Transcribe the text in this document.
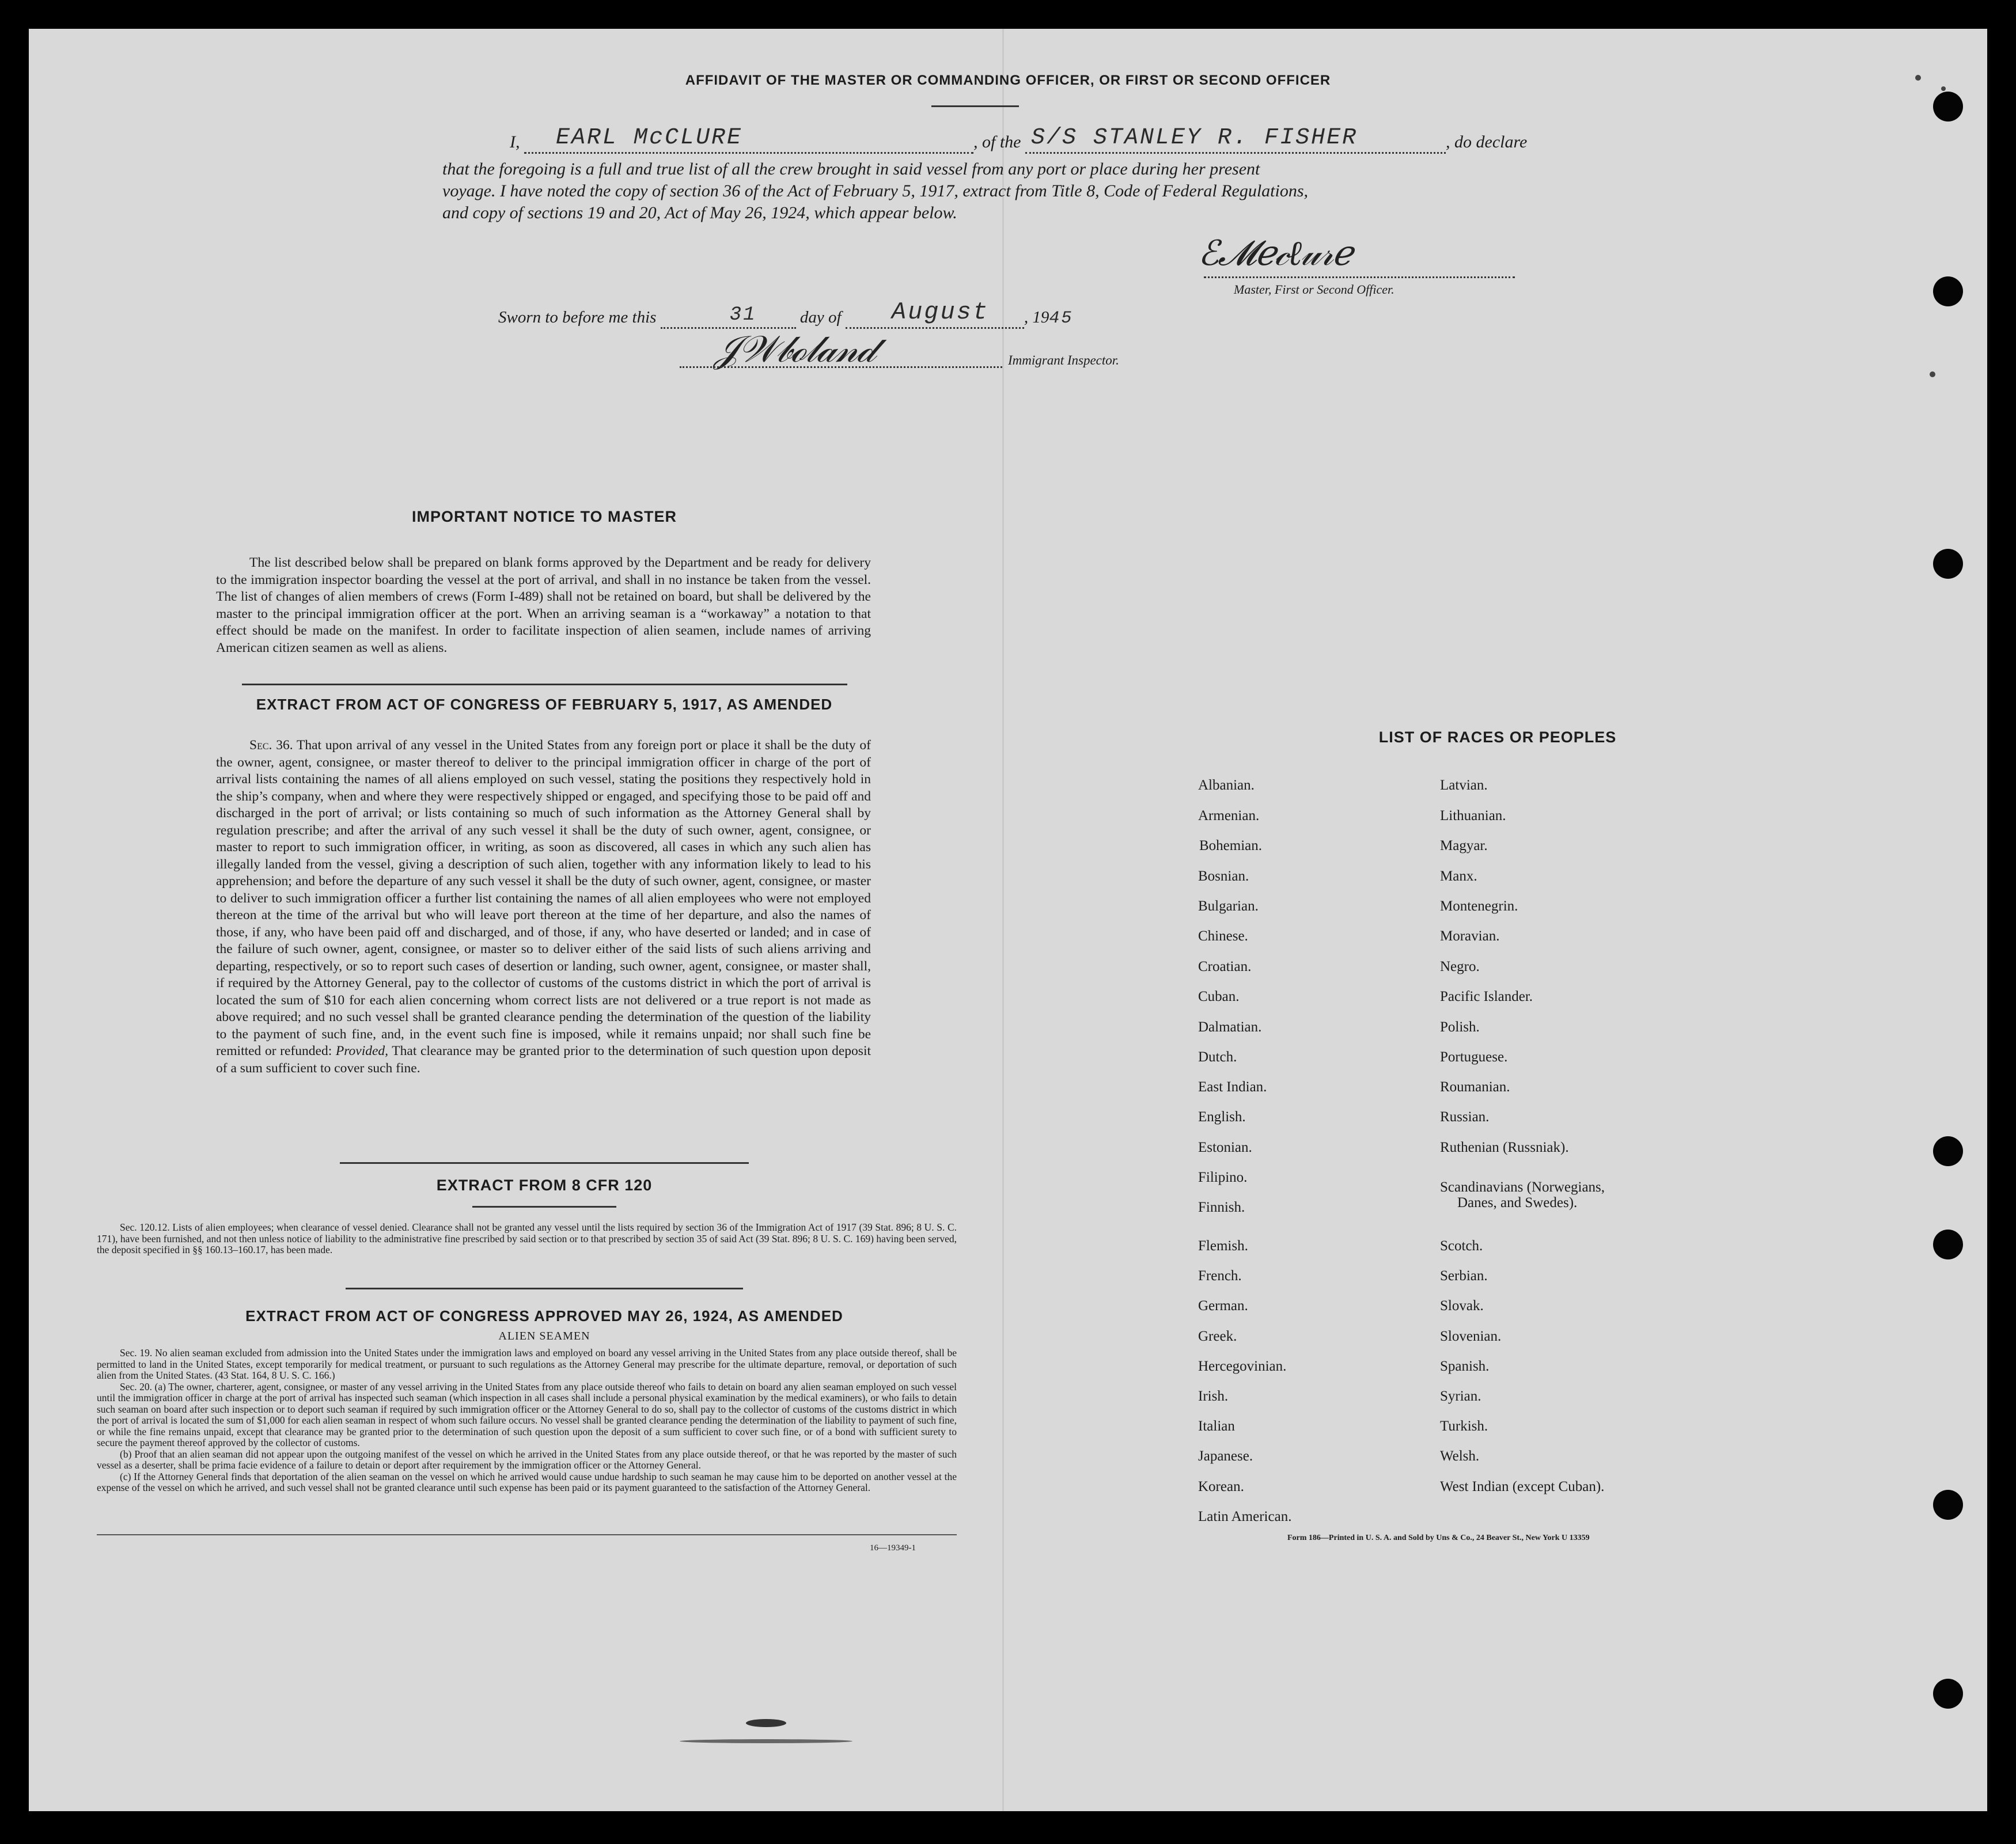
AFFIDAVIT OF THE MASTER OR COMMANDING OFFICER, OR FIRST OR SECOND OFFICER
I, EARL McCLURE	, of the S/S STANLEY R. FISHER	, do declare
that the foregoing is a full and true list of all the crew brought in said vessel from any port or place during her present
voyage. I have noted the copy of section 36 of the Act of February 5, 1917, extract from Title 8, Code of Federal Regulations,
and copy of sections 19 and 20, Act of May 26, 1924, which appear below.
ℰ𝓜ℯ𝒸ℓ𝓊𝓇ℯ
Master, First or Second Officer.
Sworn to before me this	31	day of August , 1945
𝒥𝒲𝒷ℴ𝓁𝒶𝓃𝒹	Immigrant Inspector.
IMPORTANT NOTICE TO MASTER
The list described below shall be prepared on blank forms approved by the Department and be ready for delivery to the immigration inspector boarding the vessel at the port of arrival, and shall in no instance be taken from the vessel. The list of changes of alien members of crews (Form I-489) shall not be retained on board, but shall be delivered by the master to the principal immigration officer at the port. When an arriving seaman is a “workaway” a notation to that effect should be made on the manifest. In order to facilitate inspection of alien seamen, include names of arriving American citizen seamen as well as aliens.
EXTRACT FROM ACT OF CONGRESS OF FEBRUARY 5, 1917, AS AMENDED
Sec. 36. That upon arrival of any vessel in the United States from any foreign port or place it shall be the duty of the owner, agent, consignee, or master thereof to deliver to the principal immigration officer in charge of the port of arrival lists containing the names of all aliens employed on such vessel, stating the positions they respectively hold in the ship’s company, when and where they were respectively shipped or engaged, and specifying those to be paid off and discharged in the port of arrival; or lists containing so much of such information as the Attorney General shall by regulation prescribe; and after the arrival of any such vessel it shall be the duty of such owner, agent, consignee, or master to report to such immigration officer, in writing, as soon as discovered, all cases in which any such alien has illegally landed from the vessel, giving a description of such alien, together with any information likely to lead to his apprehension; and before the departure of any such vessel it shall be the duty of such owner, agent, consignee, or master to deliver to such immigration officer a further list containing the names of all alien employees who were not employed thereon at the time of the arrival but who will leave port thereon at the time of her departure, and also the names of those, if any, who have been paid off and discharged, and of those, if any, who have deserted or landed; and in case of the failure of such owner, agent, consignee, or master so to deliver either of the said lists of such aliens arriving and departing, respectively, or so to report such cases of desertion or landing, such owner, agent, consignee, or master shall, if required by the Attorney General, pay to the collector of customs of the customs district in which the port of arrival is located the sum of $10 for each alien concerning whom correct lists are not delivered or a true report is not made as above required; and no such vessel shall be granted clearance pending the determination of the question of the liability to the payment of such fine, and, in the event such fine is imposed, while it remains unpaid; nor shall such fine be remitted or refunded: Provided, That clearance may be granted prior to the determination of such question upon deposit of a sum sufficient to cover such fine.
EXTRACT FROM 8 CFR 120
Sec. 120.12. Lists of alien employees; when clearance of vessel denied. Clearance shall not be granted any vessel until the lists required by section 36 of the Immigration Act of 1917 (39 Stat. 896; 8 U. S. C. 171), have been furnished, and not then unless notice of liability to the administrative fine prescribed by said section or to that prescribed by section 35 of said Act (39 Stat. 896; 8 U. S. C. 169) having been served, the deposit specified in §§ 160.13–160.17, has been made.
EXTRACT FROM ACT OF CONGRESS APPROVED MAY 26, 1924, AS AMENDED
ALIEN SEAMEN
Sec. 19. No alien seaman excluded from admission into the United States under the immigration laws and employed on board any vessel arriving in the United States from any place outside thereof, shall be permitted to land in the United States, except temporarily for medical treatment, or pursuant to such regulations as the Attorney General may prescribe for the ultimate departure, removal, or deportation of such alien from the United States. (43 Stat. 164, 8 U. S. C. 166.)
Sec. 20. (a) The owner, charterer, agent, consignee, or master of any vessel arriving in the United States from any place outside thereof who fails to detain on board any alien seaman employed on such vessel until the immigration officer in charge at the port of arrival has inspected such seaman (which inspection in all cases shall include a personal physical examination by the medical examiners), or who fails to detain such seaman on board after such inspection or to deport such seaman if required by such immigration officer or the Attorney General to do so, shall pay to the collector of customs of the customs district in which the port of arrival is located the sum of $1,000 for each alien seaman in respect of whom such failure occurs. No vessel shall be granted clearance pending the determination of the liability to payment of such fine, or while the fine remains unpaid, except that clearance may be granted prior to the determination of such question upon the deposit of a sum sufficient to cover such fine, or of a bond with sufficient surety to secure the payment thereof approved by the collector of customs.
(b) Proof that an alien seaman did not appear upon the outgoing manifest of the vessel on which he arrived in the United States from any place outside thereof, or that he was reported by the master of such vessel as a deserter, shall be prima facie evidence of a failure to detain or deport after requirement by the immigration officer or the Attorney General.
(c) If the Attorney General finds that deportation of the alien seaman on the vessel on which he arrived would cause undue hardship to such seaman he may cause him to be deported on another vessel at the expense of the vessel on which he arrived, and such vessel shall not be granted clearance until such expense has been paid or its payment guaranteed to the satisfaction of the Attorney General.
16—19349-1
LIST OF RACES OR PEOPLES
Form 186—Printed in U. S. A. and Sold by Uns & Co., 24 Beaver St., New York U 13359
Albanian.
Armenian.
Bohemian.
Bosnian.
Bulgarian.
Chinese.
Croatian.
Cuban.
Dalmatian.
Dutch.
East Indian.
English.
Estonian.
Filipino.
Finnish.
Flemish.
French.
German.
Greek.
Hercegovinian.
Irish.
Italian
Japanese.
Korean.
Latin American.
Latvian.
Lithuanian.
Magyar.
Manx.
Montenegrin.
Moravian.
Negro.
Pacific Islander.
Polish.
Portuguese.
Roumanian.
Russian.
Ruthenian (Russniak).
Scandinavians (Norwegians,
Danes, and Swedes).
Scotch.
Serbian.
Slovak.
Slovenian.
Spanish.
Syrian.
Turkish.
Welsh.
West Indian (except Cuban).
